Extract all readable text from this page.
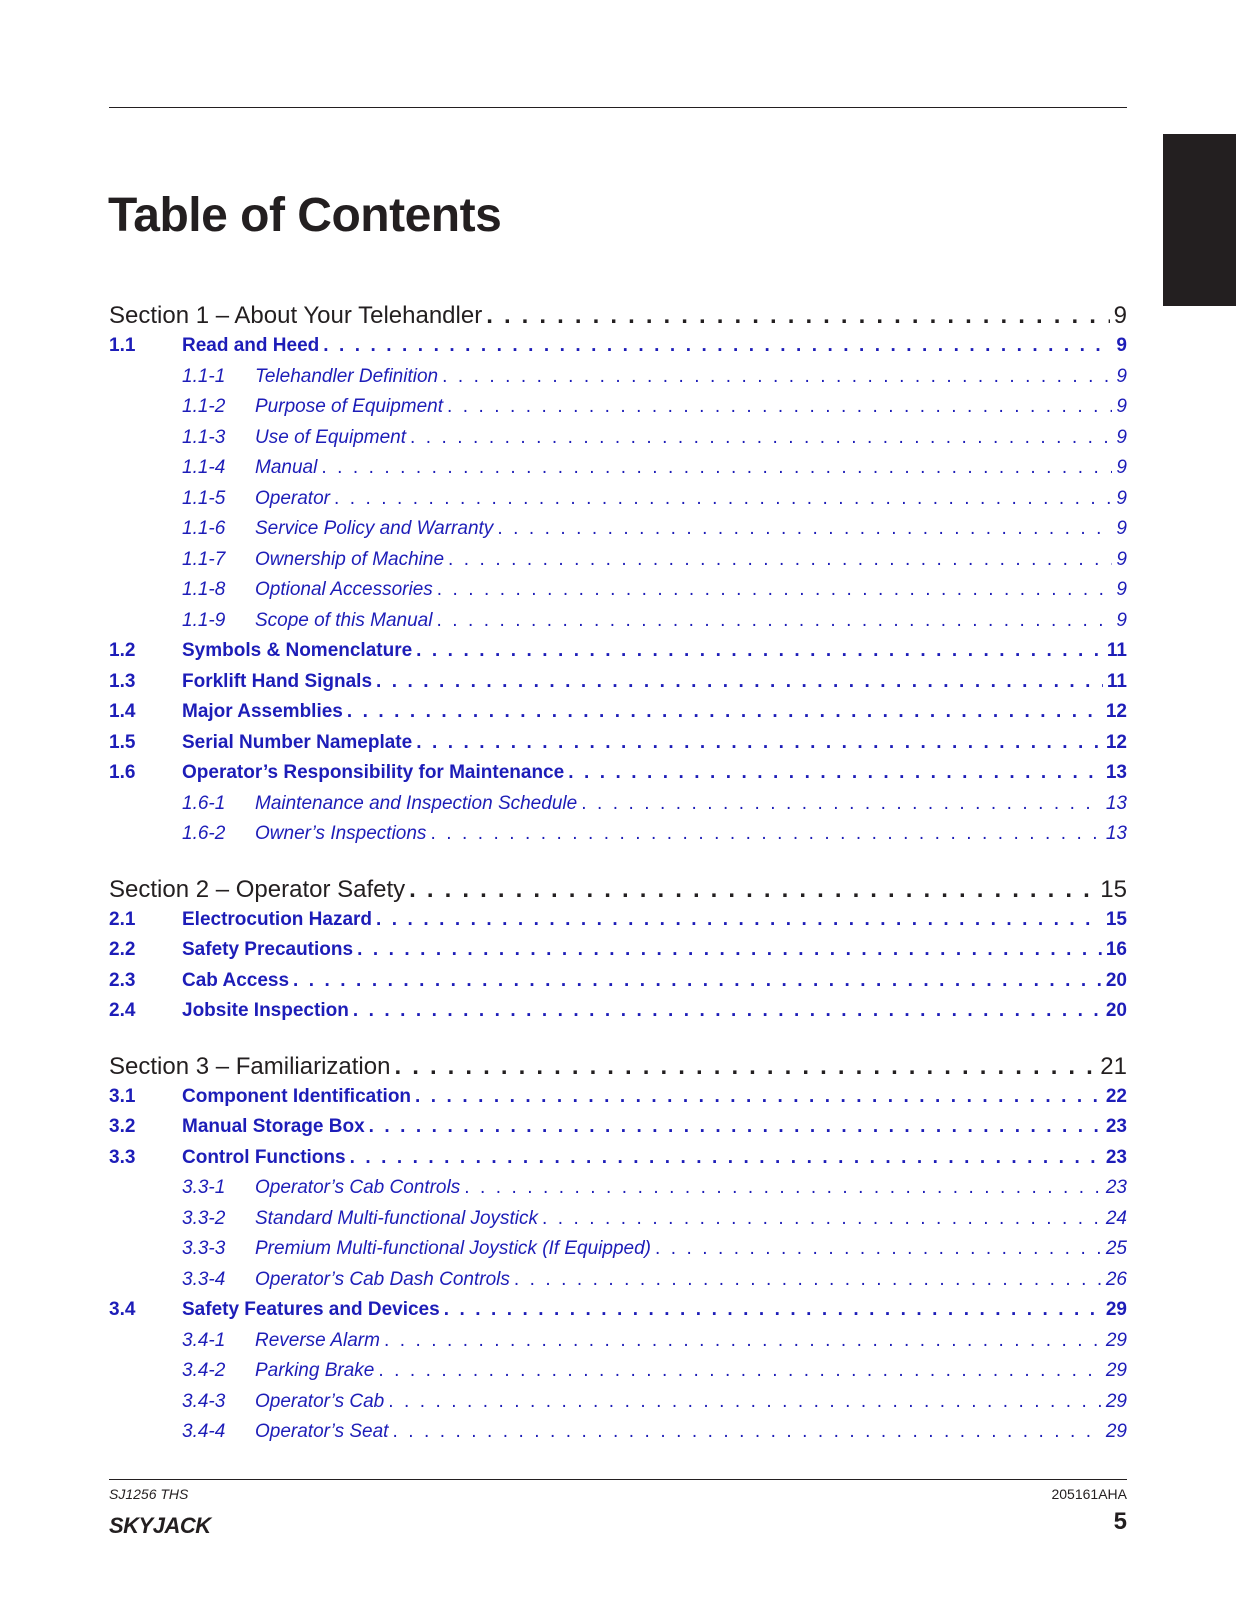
Table of Contents
Section 1 – About Your Telehandler . . .	9
1.1	Read and Heed . . .	9
1.1-1	Telehandler Definition . . .	9
1.1-2	Purpose of Equipment . . .	9
1.1-3	Use of Equipment . . .	9
1.1-4	Manual . . .	9
1.1-5	Operator . . .	9
1.1-6	Service Policy and Warranty . . .	9
1.1-7	Ownership of Machine . . .	9
1.1-8	Optional Accessories . . .	9
1.1-9	Scope of this Manual . . .	9
1.2	Symbols & Nomenclature . . .	11
1.3	Forklift Hand Signals . . .	11
1.4	Major Assemblies . . .	12
1.5	Serial Number Nameplate . . .	12
1.6	Operator’s Responsibility for Maintenance . . .	13
1.6-1	Maintenance and Inspection Schedule . . .	13
1.6-2	Owner’s Inspections . . .	13
Section 2 – Operator Safety . . .	15
2.1	Electrocution Hazard . . .	15
2.2	Safety Precautions . . .	16
2.3	Cab Access . . .	20
2.4	Jobsite Inspection . . .	20
Section 3 – Familiarization . . .	21
3.1	Component Identification . . .	22
3.2	Manual Storage Box . . .	23
3.3	Control Functions . . .	23
3.3-1	Operator’s Cab Controls . . .	23
3.3-2	Standard Multi-functional Joystick . . .	24
3.3-3	Premium Multi-functional Joystick (If Equipped) . . .	25
3.3-4	Operator’s Cab Dash Controls . . .	26
3.4	Safety Features and Devices . . .	29
3.4-1	Reverse Alarm . . .	29
3.4-2	Parking Brake . . .	29
3.4-3	Operator’s Cab . . .	29
3.4-4	Operator’s Seat . . .	29
SJ1256 THS	205161AHA
SKYJACK	5
